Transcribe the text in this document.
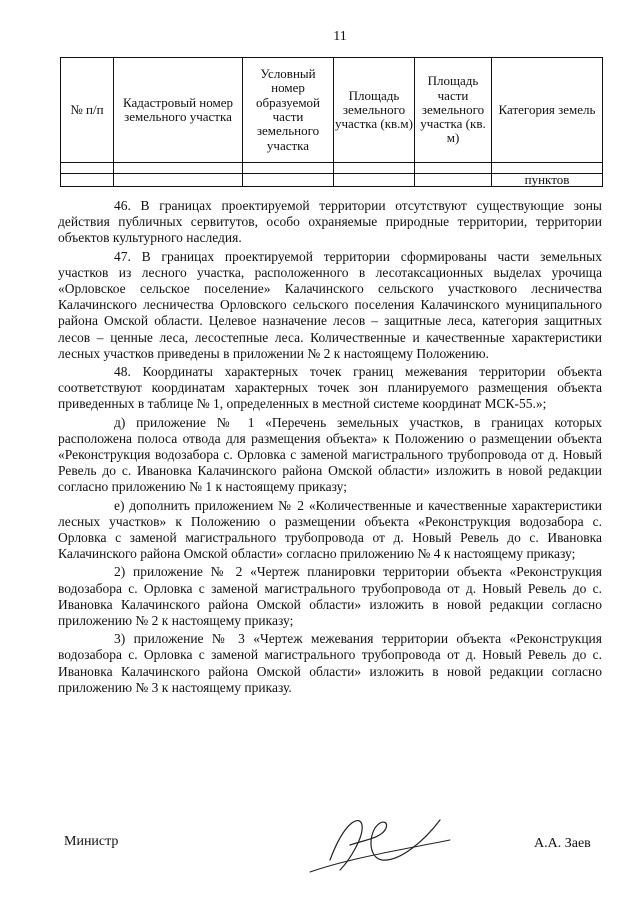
11
№ п/п	Кадастровый номер земельного участка	Условный номер образуемой части земельного участка	Площадь земельного участка (кв.м)	Площадь части земельного участка (кв. м)	Категория земель

					пунктов

46. В границах проектируемой территории отсутствуют существующие зоны действия публичных сервитутов, особо охраняемые природные территории, территории объектов культурного наследия.

47. В границах проектируемой территории сформированы части земельных участков из лесного участка, расположенного в лесотаксационных выделах урочища «Орловское сельское поселение» Калачинского сельского участкового лесничества Калачинского лесничества Орловского сельского поселения Калачинского муниципального района Омской области. Целевое назначение лесов – защитные леса, категория защитных лесов – ценные леса, лесостепные леса. Количественные и качественные характеристики лесных участков приведены в приложении № 2 к настоящему Положению.

48. Координаты характерных точек границ межевания территории объекта соответствуют координатам характерных точек зон планируемого размещения объекта приведенных в таблице № 1, определенных в местной системе координат МСК-55.»;

д) приложение № 1 «Перечень земельных участков, в границах которых расположена полоса отвода для размещения объекта» к Положению о размещении объекта «Реконструкция водозабора с. Орловка с заменой магистрального трубопровода от д. Новый Ревель до с. Ивановка Калачинского района Омской области» изложить в новой редакции согласно приложению № 1 к настоящему приказу;

е) дополнить приложением № 2 «Количественные и качественные характеристики лесных участков» к Положению о размещении объекта «Реконструкция водозабора с. Орловка с заменой магистрального трубопровода от д. Новый Ревель до с. Ивановка Калачинского района Омской области» согласно приложению № 4 к настоящему приказу;

2) приложение № 2 «Чертеж планировки территории объекта «Реконструкция водозабора с. Орловка с заменой магистрального трубопровода от д. Новый Ревель до с. Ивановка Калачинского района Омской области» изложить в новой редакции согласно приложению № 2 к настоящему приказу;

3) приложение № 3 «Чертеж межевания территории объекта «Реконструкция водозабора с. Орловка с заменой магистрального трубопровода от д. Новый Ревель до с. Ивановка Калачинского района Омской области» изложить в новой редакции согласно приложению № 3 к настоящему приказу.

Министр	А.А. Заев
